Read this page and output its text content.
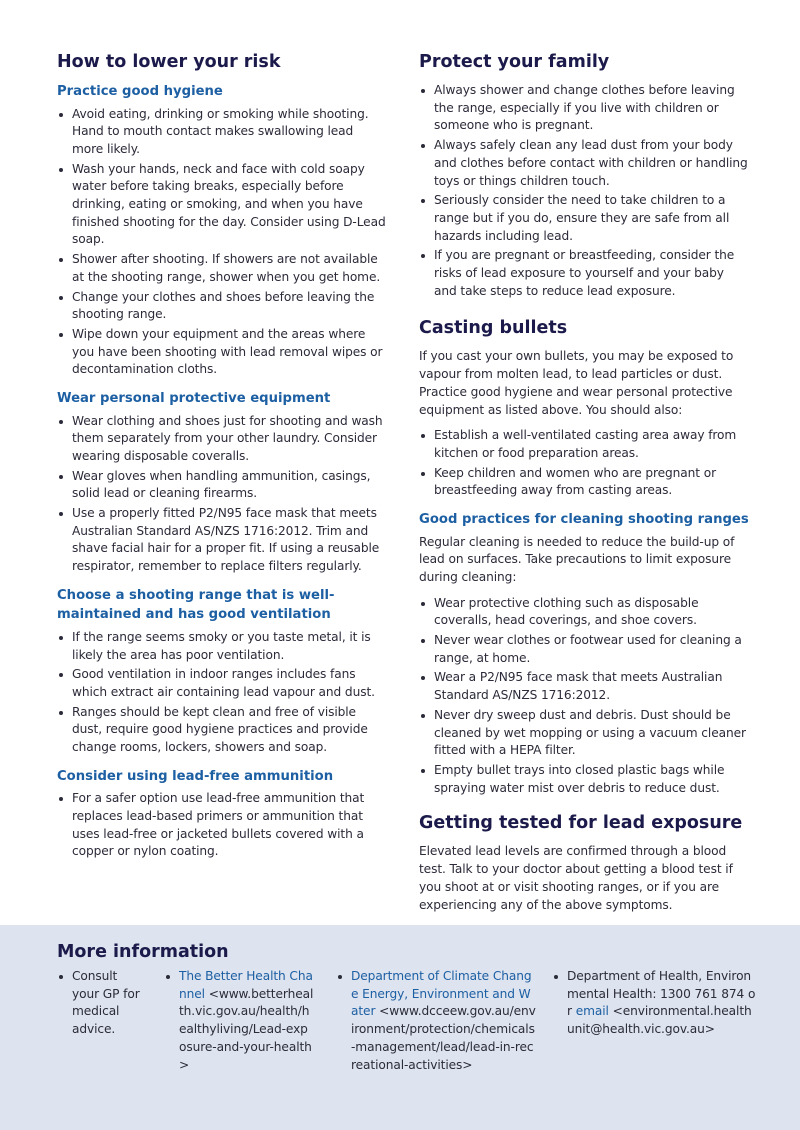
How to lower your risk
Practice good hygiene
Avoid eating, drinking or smoking while shooting. Hand to mouth contact makes swallowing lead more likely.
Wash your hands, neck and face with cold soapy water before taking breaks, especially before drinking, eating or smoking, and when you have finished shooting for the day. Consider using D-Lead soap.
Shower after shooting. If showers are not available at the shooting range, shower when you get home.
Change your clothes and shoes before leaving the shooting range.
Wipe down your equipment and the areas where you have been shooting with lead removal wipes or decontamination cloths.
Wear personal protective equipment
Wear clothing and shoes just for shooting and wash them separately from your other laundry. Consider wearing disposable coveralls.
Wear gloves when handling ammunition, casings, solid lead or cleaning firearms.
Use a properly fitted P2/N95 face mask that meets Australian Standard AS/NZS 1716:2012. Trim and shave facial hair for a proper fit. If using a reusable respirator, remember to replace filters regularly.
Choose a shooting range that is well-maintained and has good ventilation
If the range seems smoky or you taste metal, it is likely the area has poor ventilation.
Good ventilation in indoor ranges includes fans which extract air containing lead vapour and dust.
Ranges should be kept clean and free of visible dust, require good hygiene practices and provide change rooms, lockers, showers and soap.
Consider using lead-free ammunition
For a safer option use lead-free ammunition that replaces lead-based primers or ammunition that uses lead-free or jacketed bullets covered with a copper or nylon coating.
Protect your family
Always shower and change clothes before leaving the range, especially if you live with children or someone who is pregnant.
Always safely clean any lead dust from your body and clothes before contact with children or handling toys or things children touch.
Seriously consider the need to take children to a range but if you do, ensure they are safe from all hazards including lead.
If you are pregnant or breastfeeding, consider the risks of lead exposure to yourself and your baby and take steps to reduce lead exposure.
Casting bullets

If you cast your own bullets, you may be exposed to vapour from molten lead, to lead particles or dust. Practice good hygiene and wear personal protective equipment as listed above. You should also:

Establish a well-ventilated casting area away from kitchen or food preparation areas.
Keep children and women who are pregnant or breastfeeding away from casting areas.
Good practices for cleaning shooting ranges

Regular cleaning is needed to reduce the build-up of lead on surfaces. Take precautions to limit exposure during cleaning:

Wear protective clothing such as disposable coveralls, head coverings, and shoe covers.
Never wear clothes or footwear used for cleaning a range, at home.
Wear a P2/N95 face mask that meets Australian Standard AS/NZS 1716:2012.
Never dry sweep dust and debris. Dust should be cleaned by wet mopping or using a vacuum cleaner fitted with a HEPA filter.
Empty bullet trays into closed plastic bags while spraying water mist over debris to reduce dust.
Getting tested for lead exposure

Elevated lead levels are confirmed through a blood test. Talk to your doctor about getting a blood test if you shoot at or visit shooting ranges, or if you are experiencing any of the above symptoms.

More information
Consult your GP for medical advice.
The Better Health Channel <www.betterhealth.vic.gov.au/health/healthyliving/Lead-exposure-and-your-health>
Department of Climate Change Energy, Environment and Water <www.dcceew.gov.au/environment/protection/chemicals-management/lead/lead-in-recreational-activities>
Department of Health, Environmental Health: 1300 761 874 or email <environmental.healthunit@health.vic.gov.au>
